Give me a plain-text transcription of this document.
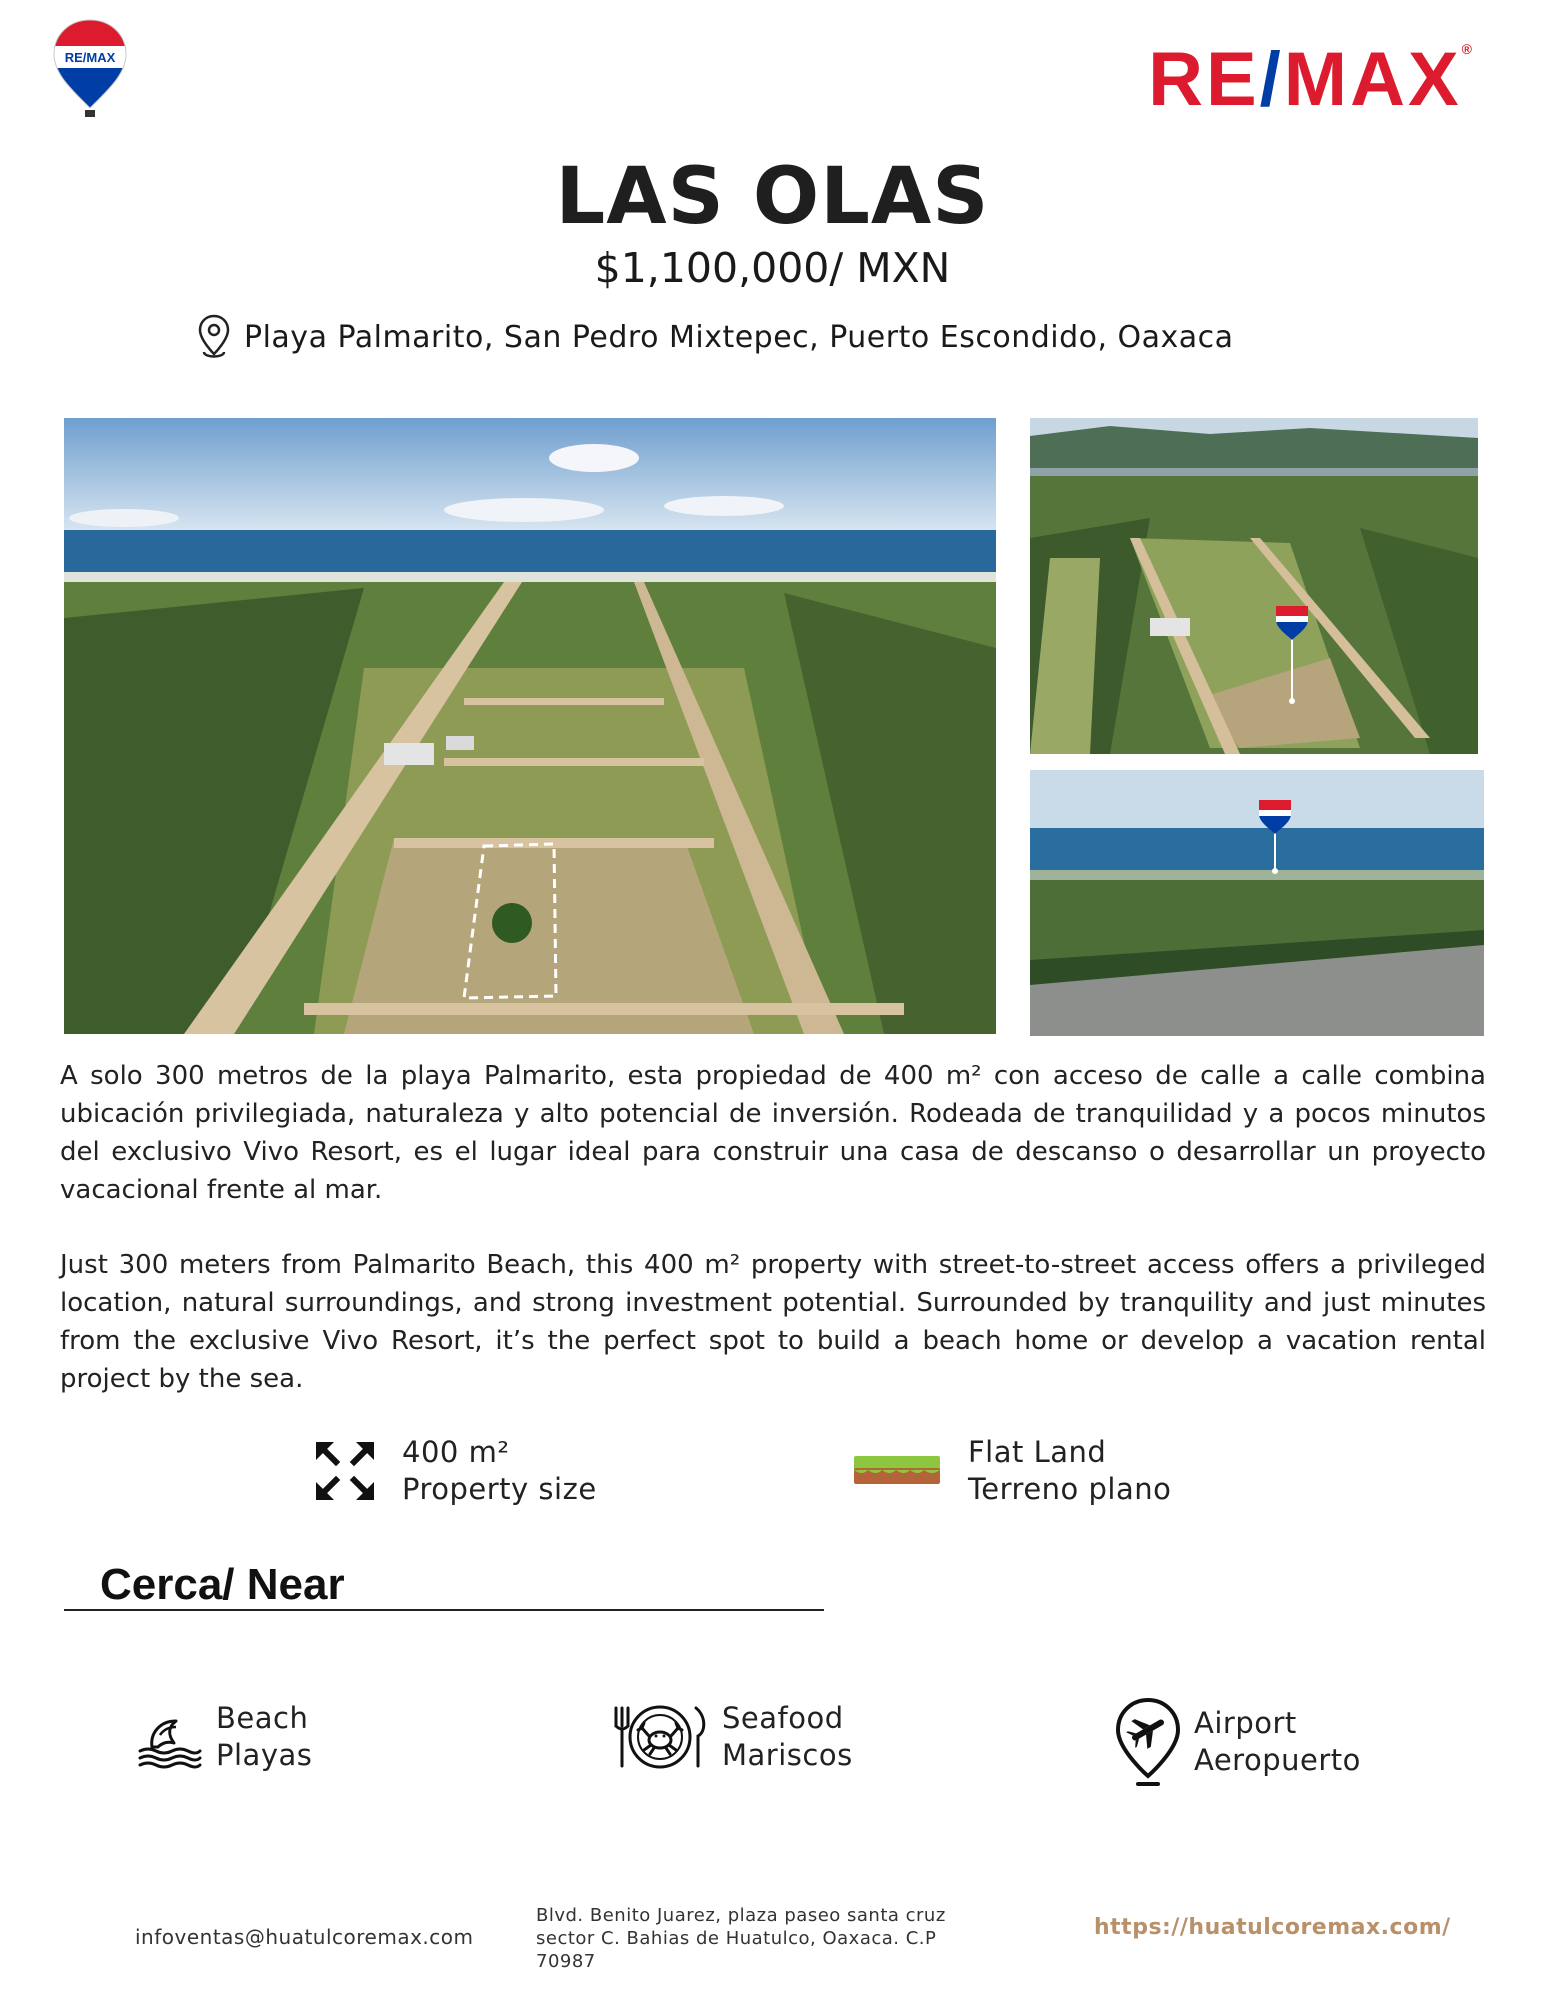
RE/MAX	RE/MAX®
LAS OLAS
$1,100,000/ MXN
Playa Palmarito, San Pedro Mixtepec, Puerto Escondido, Oaxaca
A solo 300 metros de la playa Palmarito, esta propiedad de 400 m² con acceso de calle a calle combina ubicación privilegiada, naturaleza y alto potencial de inversión. Rodeada de tranquilidad y a pocos minutos del exclusivo Vivo Resort, es el lugar ideal para construir una casa de descanso o desarrollar un proyecto vacacional frente al mar.
Just 300 meters from Palmarito Beach, this 400 m² property with street-to-street access offers a privileged location, natural surroundings, and strong investment potential. Surrounded by tranquility and just minutes from the exclusive Vivo Resort, it’s the perfect spot to build a beach home or develop a vacation rental project by the sea.
400 m²
Property size
Flat Land
Terreno plano
Cerca/ Near
Beach
Playas
Seafood
Mariscos
Airport
Aeropuerto
infoventas@huatulcoremax.com
Blvd. Benito Juarez, plaza paseo santa cruz sector C. Bahias de Huatulco, Oaxaca. C.P 70987
https://huatulcoremax.com/
